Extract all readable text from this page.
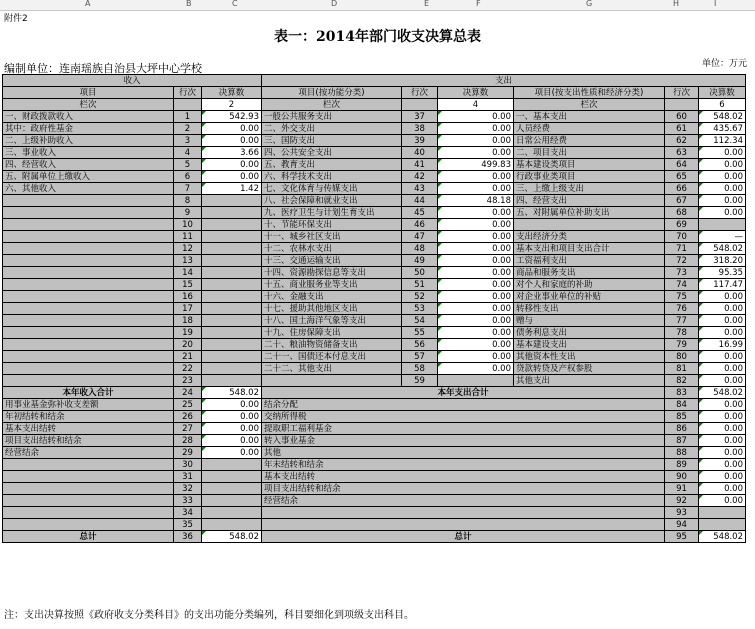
A	B	C	D	E	F	G	H	I
附件2
表一：2014年部门收支决算总表
单位：万元
编制单位：连南瑶族自治县大坪中心学校
收入			支出					
项目	行次	决算数	项目(按功能分类)	行次	决算数	项目(按支出性质和经济分类)	行次	决算数
栏次		2	栏次		4	栏次		6
一、财政拨款收入	1	542.93	一般公共服务支出	37	0.00	一、基本支出	60	548.02
其中：政府性基金	2	0.00	二、外交支出	38	0.00	人员经费	61	435.67
二、上级补助收入	3	0.00	三、国防支出	39	0.00	日常公用经费	62	112.34
三、事业收入	4	3.66	四、公共安全支出	40	0.00	二、项目支出	63	0.00
四、经营收入	5	0.00	五、教育支出	41	499.83	基本建设类项目	64	0.00
五、附属单位上缴收入	6	0.00	六、科学技术支出	42	0.00	行政事业类项目	65	0.00
六、其他收入	7	1.42	七、文化体育与传媒支出	43	0.00	三、上缴上级支出	66	0.00
	8		八、社会保障和就业支出	44	48.18	四、经营支出	67	0.00
	9		九、医疗卫生与计划生育支出	45	0.00	五、对附属单位补助支出	68	0.00
	10		十、节能环保支出	46	0.00		69	
	11		十一、城乡社区支出	47	0.00	支出经济分类	70	—
	12		十二、农林水支出	48	0.00	基本支出和项目支出合计	71	548.02
	13		十三、交通运输支出	49	0.00	工资福利支出	72	318.20
	14		十四、资源勘探信息等支出	50	0.00	商品和服务支出	73	95.35
	15		十五、商业服务业等支出	51	0.00	对个人和家庭的补助	74	117.47
	16		十六、金融支出	52	0.00	对企业事业单位的补贴	75	0.00
	17		十七、援助其他地区支出	53	0.00	转移性支出	76	0.00
	18		十八、国土海洋气象等支出	54	0.00	赠与	77	0.00
	19		十九、住房保障支出	55	0.00	债务利息支出	78	0.00
	20		二十、粮油物资储备支出	56	0.00	基本建设支出	79	16.99
	21		二十一、国债还本付息支出	57	0.00	其他资本性支出	80	0.00
	22		二十二、其他支出	58	0.00	贷款转贷及产权参股	81	0.00
	23			59		其他支出	82	0.00
本年收入合计	24	548.02	本年支出合计				83	548.02
用事业基金弥补收支差额	25	0.00	结余分配				84	0.00
年初结转和结余	26	0.00	交纳所得税				85	0.00
基本支出结转	27	0.00	提取职工福利基金				86	0.00
项目支出结转和结余	28	0.00	转入事业基金				87	0.00
经营结余	29	0.00	其他				88	0.00
	30		年末结转和结余				89	0.00
	31		基本支出结转				90	0.00
	32		项目支出结转和结余				91	0.00
	33		经营结余				92	0.00
	34						93	
	35						94	
总计	36	548.02	总计				95	548.02
注：支出决算按照《政府收支分类科目》的支出功能分类编列，科目要细化到项级支出科目。
